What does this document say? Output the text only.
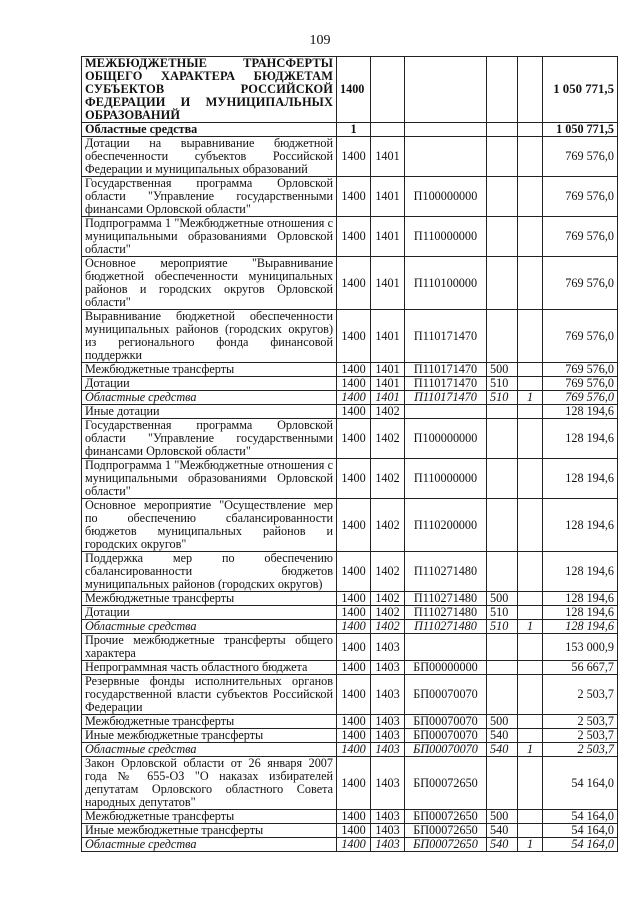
109
МЕЖБЮДЖЕТНЫЕ ТРАНСФЕРТЫ ОБЩЕГО ХАРАКТЕРА БЮДЖЕТАМ СУБЪЕКТОВ РОССИЙСКОЙ ФЕДЕРАЦИИ И МУНИЦИПАЛЬНЫХ ОБРАЗОВАНИЙ	1400					1 050 771,5
Областные средства	1					1 050 771,5
Дотации на выравнивание бюджетной обеспеченности субъектов Российской Федерации и муниципальных образований	1400	1401				769 576,0
Государственная программа Орловской области "Управление государственными финансами Орловской области"	1400	1401	П100000000			769 576,0
Подпрограмма 1 "Межбюджетные отношения с муниципальными образованиями Орловской области"	1400	1401	П110000000			769 576,0
Основное мероприятие "Выравнивание бюджетной обеспеченности муниципальных районов и городских округов Орловской области"	1400	1401	П110100000			769 576,0
Выравнивание бюджетной обеспеченности муниципальных районов (городских округов) из регионального фонда финансовой поддержки	1400	1401	П110171470			769 576,0
Межбюджетные трансферты	1400	1401	П110171470	500		769 576,0
Дотации	1400	1401	П110171470	510		769 576,0
Областные средства	1400	1401	П110171470	510	1	769 576,0
Иные дотации	1400	1402				128 194,6
Государственная программа Орловской области "Управление государственными финансами Орловской области"	1400	1402	П100000000			128 194,6
Подпрограмма 1 "Межбюджетные отношения с муниципальными образованиями Орловской области"	1400	1402	П110000000			128 194,6
Основное мероприятие "Осуществление мер по обеспечению сбалансированности бюджетов муниципальных районов и городских округов"	1400	1402	П110200000			128 194,6
Поддержка мер по обеспечению сбалансированности бюджетов муниципальных районов (городских округов)	1400	1402	П110271480			128 194,6
Межбюджетные трансферты	1400	1402	П110271480	500		128 194,6
Дотации	1400	1402	П110271480	510		128 194,6
Областные средства	1400	1402	П110271480	510	1	128 194,6
Прочие межбюджетные трансферты общего характера	1400	1403				153 000,9
Непрограммная часть областного бюджета	1400	1403	БП00000000			56 667,7
Резервные фонды исполнительных органов государственной власти субъектов Российской Федерации	1400	1403	БП00070070			2 503,7
Межбюджетные трансферты	1400	1403	БП00070070	500		2 503,7
Иные межбюджетные трансферты	1400	1403	БП00070070	540		2 503,7
Областные средства	1400	1403	БП00070070	540	1	2 503,7
Закон Орловской области от 26 января 2007 года № 655-ОЗ "О наказах избирателей депутатам Орловского областного Совета народных депутатов"	1400	1403	БП00072650			54 164,0
Межбюджетные трансферты	1400	1403	БП00072650	500		54 164,0
Иные межбюджетные трансферты	1400	1403	БП00072650	540		54 164,0
Областные средства	1400	1403	БП00072650	540	1	54 164,0
